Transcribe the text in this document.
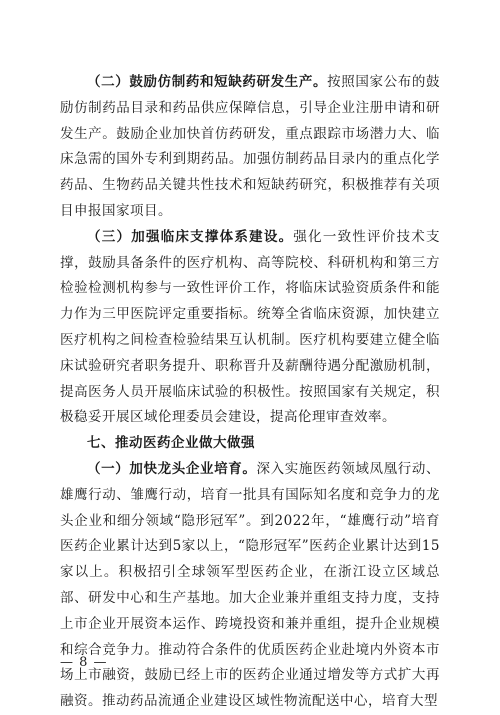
（二）鼓励仿制药和短缺药研发生产。按照国家公布的鼓励仿制药品目录和药品供应保障信息，引导企业注册申请和研发生产。鼓励企业加快首仿药研发，重点跟踪市场潜力大、临床急需的国外专利到期药品。加强仿制药品目录内的重点化学药品、生物药品关键共性技术和短缺药研究，积极推荐有关项目申报国家项目。

（三）加强临床支撑体系建设。强化一致性评价技术支撑，鼓励具备条件的医疗机构、高等院校、科研机构和第三方检验检测机构参与一致性评价工作，将临床试验资质条件和能力作为三甲医院评定重要指标。统筹全省临床资源，加快建立医疗机构之间检查检验结果互认机制。医疗机构要建立健全临床试验研究者职务提升、职称晋升及薪酬待遇分配激励机制，提高医务人员开展临床试验的积极性。按照国家有关规定，积极稳妥开展区域伦理委员会建设，提高伦理审查效率。

七、推动医药企业做大做强

（一）加快龙头企业培育。深入实施医药领域凤凰行动、雄鹰行动、雏鹰行动，培育一批具有国际知名度和竞争力的龙头企业和细分领域“隐形冠军”。到2022年，“雄鹰行动”培育医药企业累计达到5家以上，“隐形冠军”医药企业累计达到15家以上。积极招引全球领军型医药企业，在浙江设立区域总部、研发中心和生产基地。加大企业兼并重组支持力度，支持上市企业开展资本运作、跨境投资和兼并重组，提升企业规模和综合竞争力。推动符合条件的优质医药企业赴境内外资本市场上市融资，鼓励已经上市的医药企业通过增发等方式扩大再融资。推动药品流通企业建设区域性物流配送中心，培育大型

— 8 —
